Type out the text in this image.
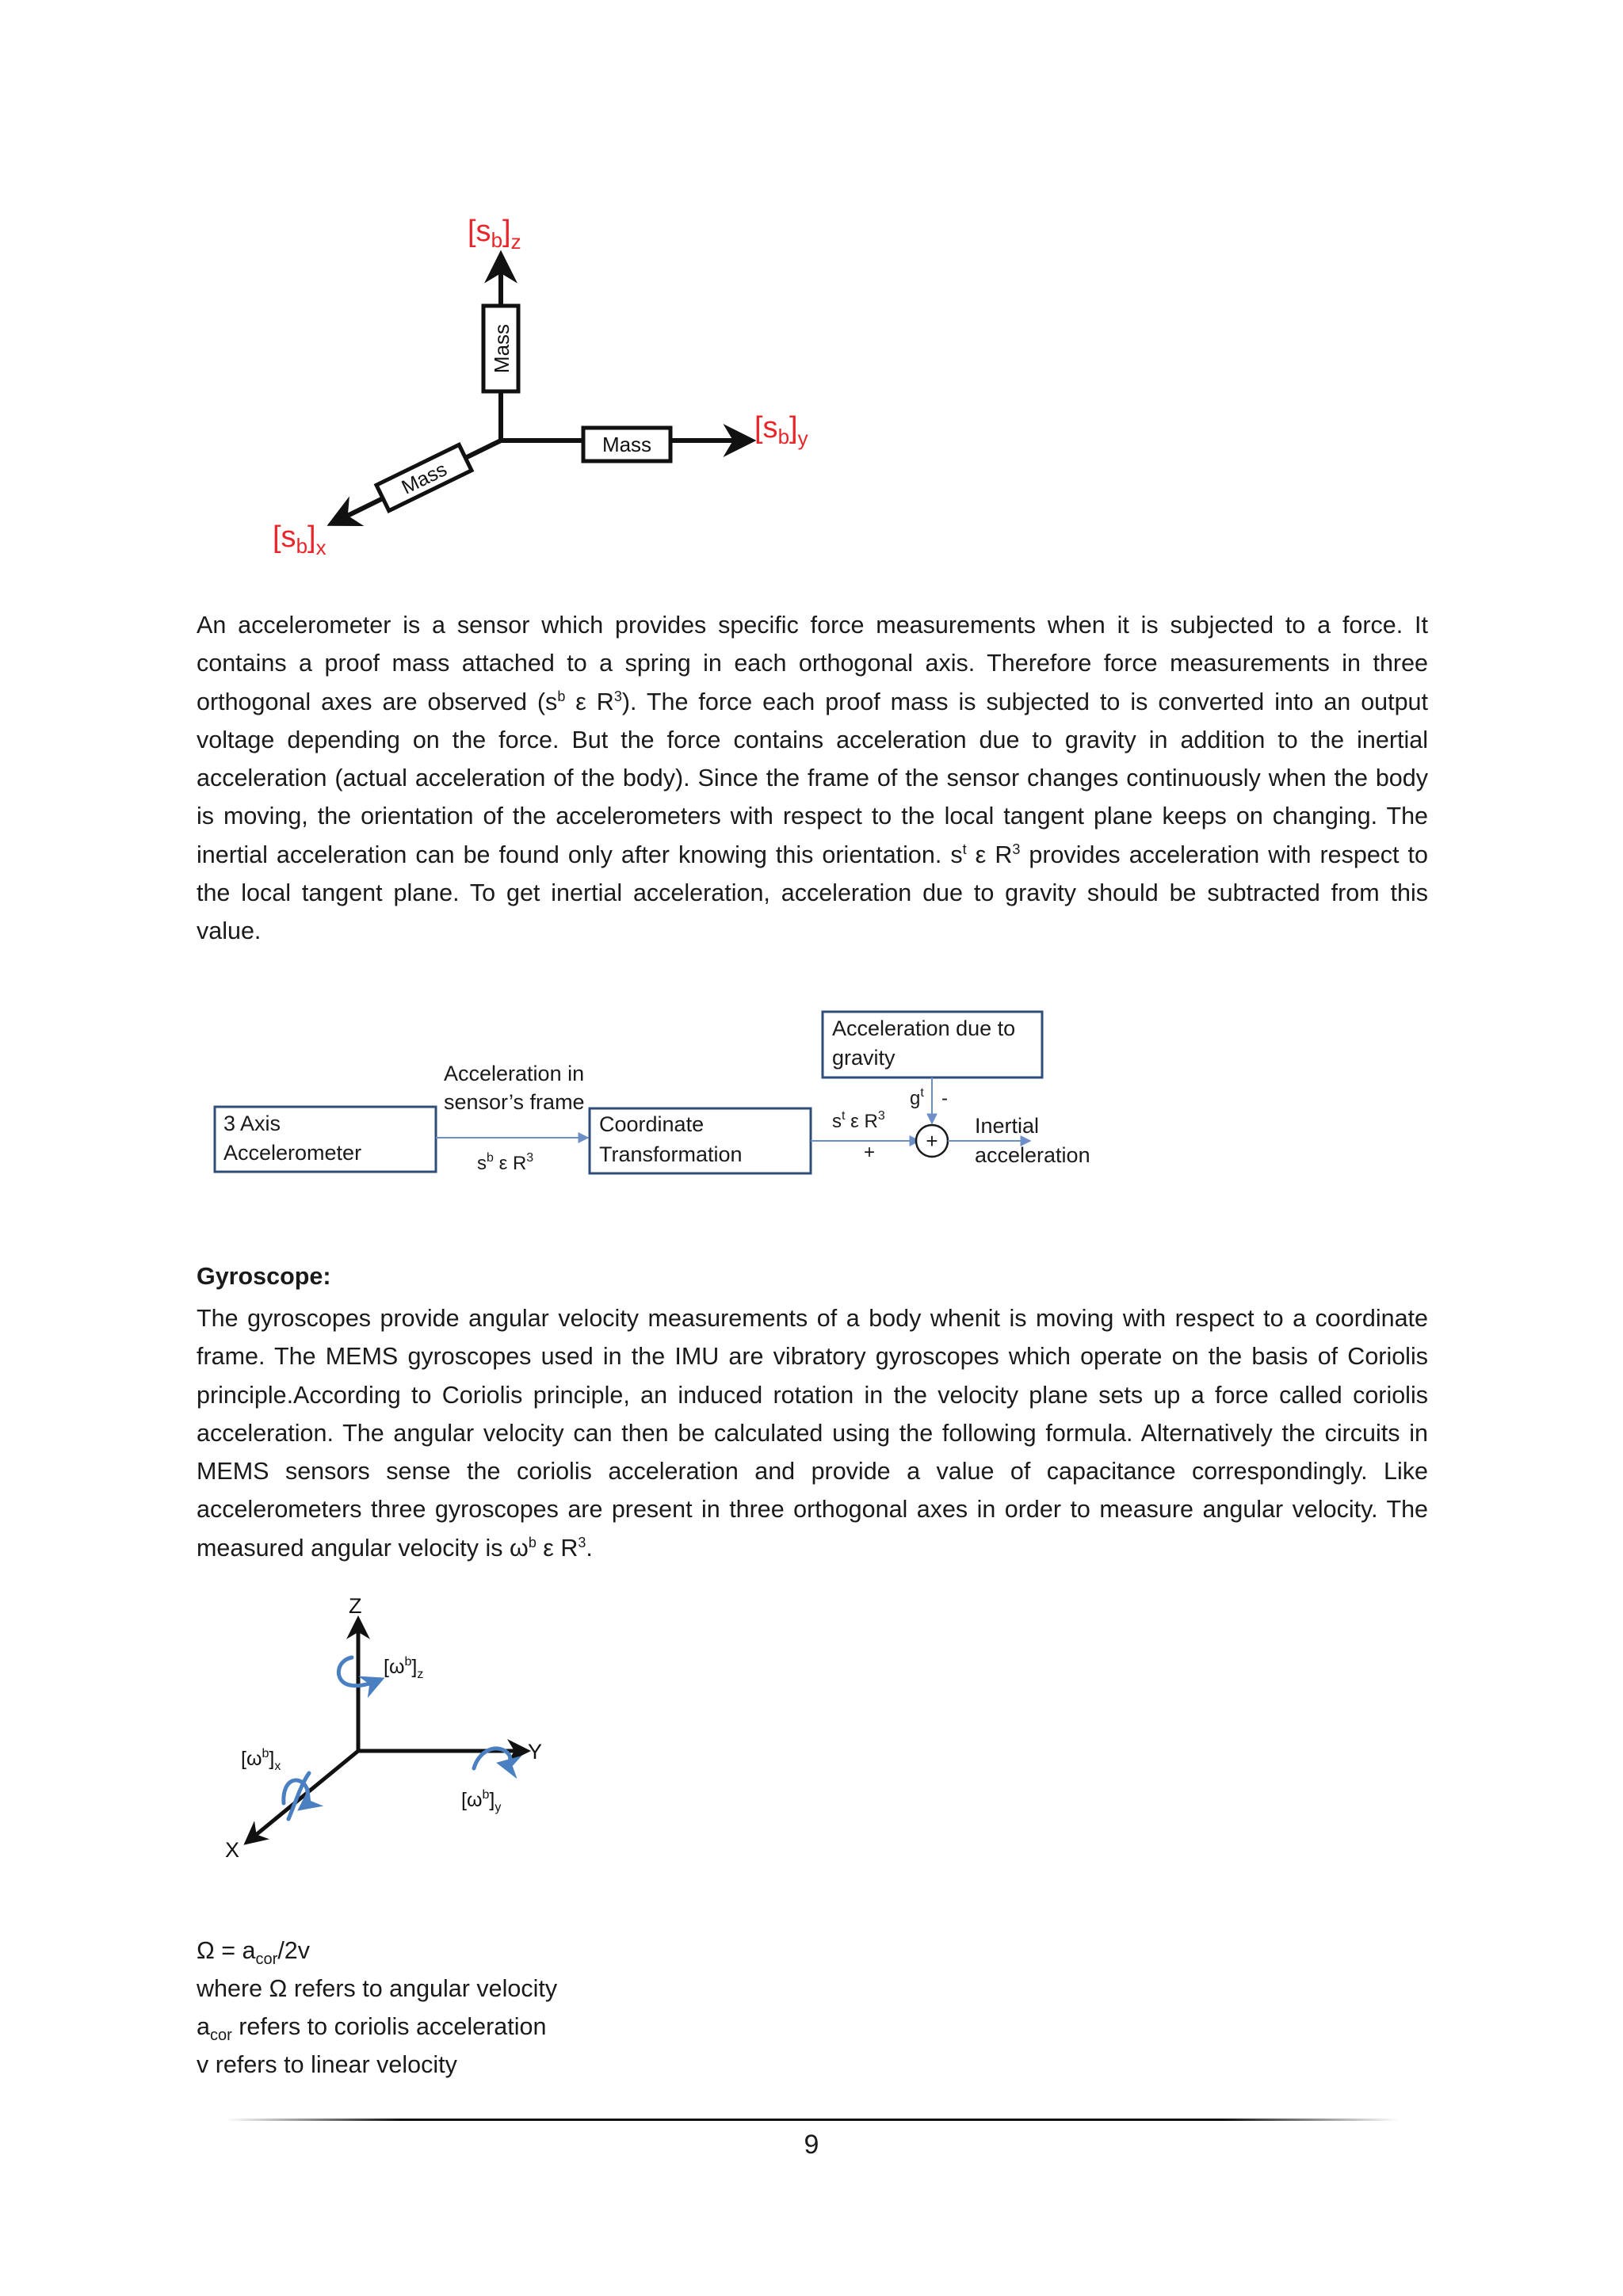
Mass
Mass
Mass
$[s_b]_z$
$[s_b]_y$
$[s_b]_x$

An accelerometer is a sensor which provides specific force measurements when it is subjected to a force. It contains a proof mass attached to a spring in each orthogonal axis. Therefore force measurements in three orthogonal axes are observed ($s^b$ ε $R^3$). The force each proof mass is subjected to is converted into an output voltage depending on the force. But the force contains acceleration due to gravity in addition to the inertial acceleration (actual acceleration of the body). Since the frame of the sensor changes continuously when the body is moving, the orientation of the accelerometers with respect to the local tangent plane keeps on changing. The inertial acceleration can be found only after knowing this orientation. $s^t$ ε $R^3$ provides acceleration with respect to the local tangent plane. To get inertial acceleration, acceleration due to gravity should be subtracted from this value.

3 Axis
Accelerometer
Acceleration in
sensor’s frame
$s^b$ ε $R^3$
Coordinate
Transformation
$s^t$ ε $R^3$
+
Acceleration due to
gravity
$g^t$ -
+
Inertial
acceleration
Gyroscope:

The gyroscopes provide angular velocity measurements of a body whenit is moving with respect to a coordinate frame. The MEMS gyroscopes used in the IMU are vibratory gyroscopes which operate on the basis of Coriolis principle.According to Coriolis principle, an induced rotation in the velocity plane sets up a force called coriolis acceleration. The angular velocity can then be calculated using the following formula. Alternatively the circuits in MEMS sensors sense the coriolis acceleration and provide a value of capacitance correspondingly. Like accelerometers three gyroscopes are present in three orthogonal axes in order to measure angular velocity. The measured angular velocity is $\omega^b$ ε $R^3$.

Z
Y
X
$[\omega^b]_z$
$[\omega^b]_y$
$[\omega^b]_x$
$\Omega = a_{cor}/2v$
where Ω refers to angular velocity
$a_{cor}$ refers to coriolis acceleration
v refers to linear velocity
9
